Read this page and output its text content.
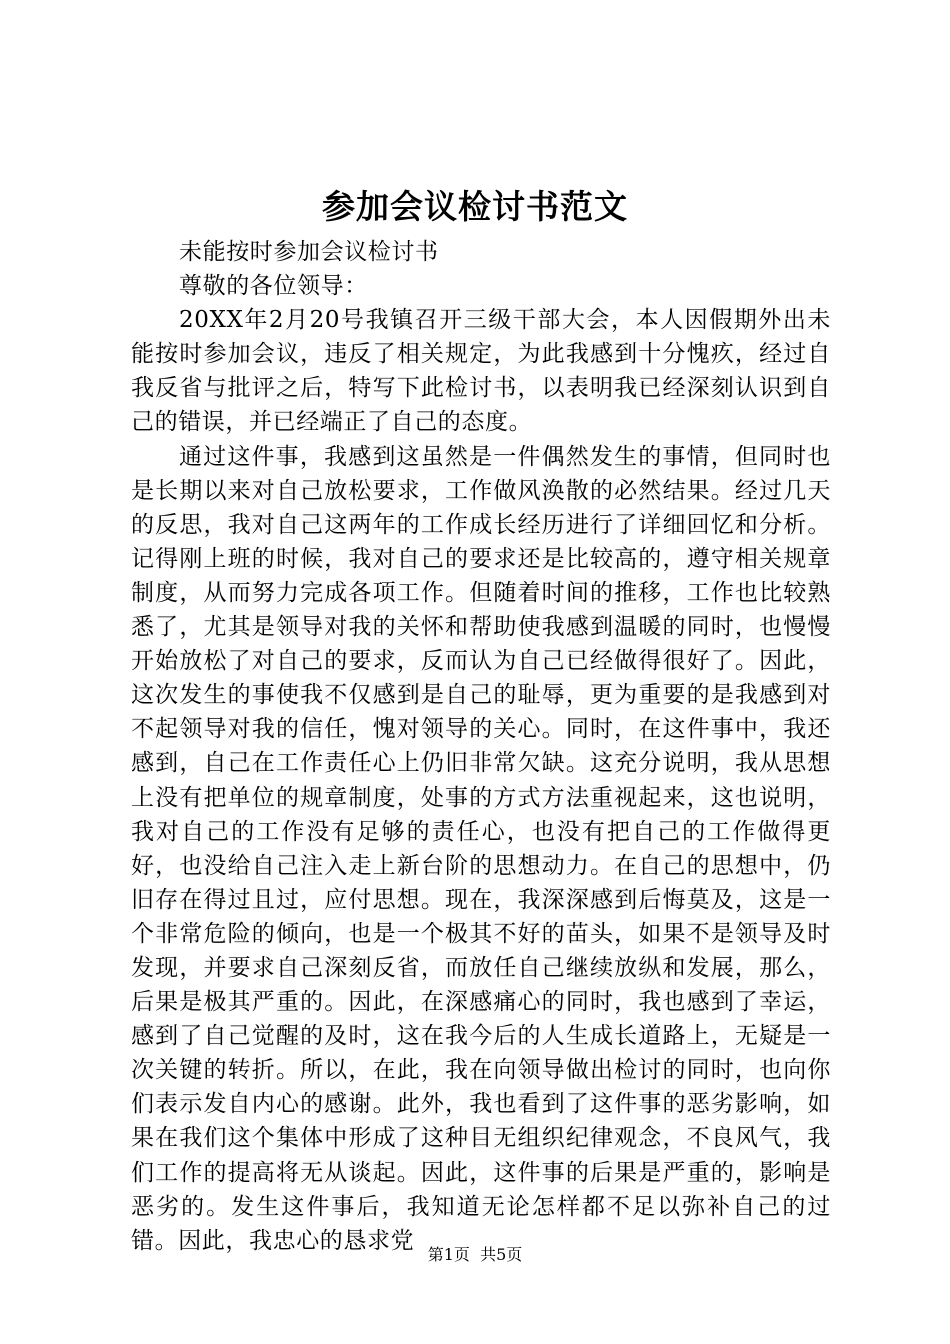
参加会议检讨书范文

未能按时参加会议检讨书

尊敬的各位领导：

20XX年2月20号我镇召开三级干部大会，本人因假期外出未能按时参加会议，违反了相关规定，为此我感到十分愧疚，经过自我反省与批评之后，特写下此检讨书，以表明我已经深刻认识到自己的错误，并已经端正了自己的态度。

通过这件事，我感到这虽然是一件偶然发生的事情，但同时也是长期以来对自己放松要求，工作做风涣散的必然结果。经过几天的反思，我对自己这两年的工作成长经历进行了详细回忆和分析。记得刚上班的时候，我对自己的要求还是比较高的，遵守相关规章制度，从而努力完成各项工作。但随着时间的推移，工作也比较熟悉了，尤其是领导对我的关怀和帮助使我感到温暖的同时，也慢慢开始放松了对自己的要求，反而认为自己已经做得很好了。因此，这次发生的事使我不仅感到是自己的耻辱，更为重要的是我感到对不起领导对我的信任，愧对领导的关心。同时，在这件事中，我还感到，自己在工作责任心上仍旧非常欠缺。这充分说明，我从思想上没有把单位的规章制度，处事的方式方法重视起来，这也说明，我对自己的工作没有足够的责任心，也没有把自己的工作做得更好，也没给自己注入走上新台阶的思想动力。在自己的思想中，仍旧存在得过且过，应付思想。现在，我深深感到后悔莫及，这是一个非常危险的倾向，也是一个极其不好的苗头，如果不是领导及时发现，并要求自己深刻反省，而放任自己继续放纵和发展，那么，后果是极其严重的。因此，在深感痛心的同时，我也感到了幸运，感到了自己觉醒的及时，这在我今后的人生成长道路上，无疑是一次关键的转折。所以，在此，我在向领导做出检讨的同时，也向你们表示发自内心的感谢。此外，我也看到了这件事的恶劣影响，如果在我们这个集体中形成了这种目无组织纪律观念，不良风气，我们工作的提高将无从谈起。因此，这件事的后果是严重的，影响是恶劣的。发生这件事后，我知道无论怎样都不足以弥补自己的过错。因此，我忠心的恳求党

第1页  共5页
